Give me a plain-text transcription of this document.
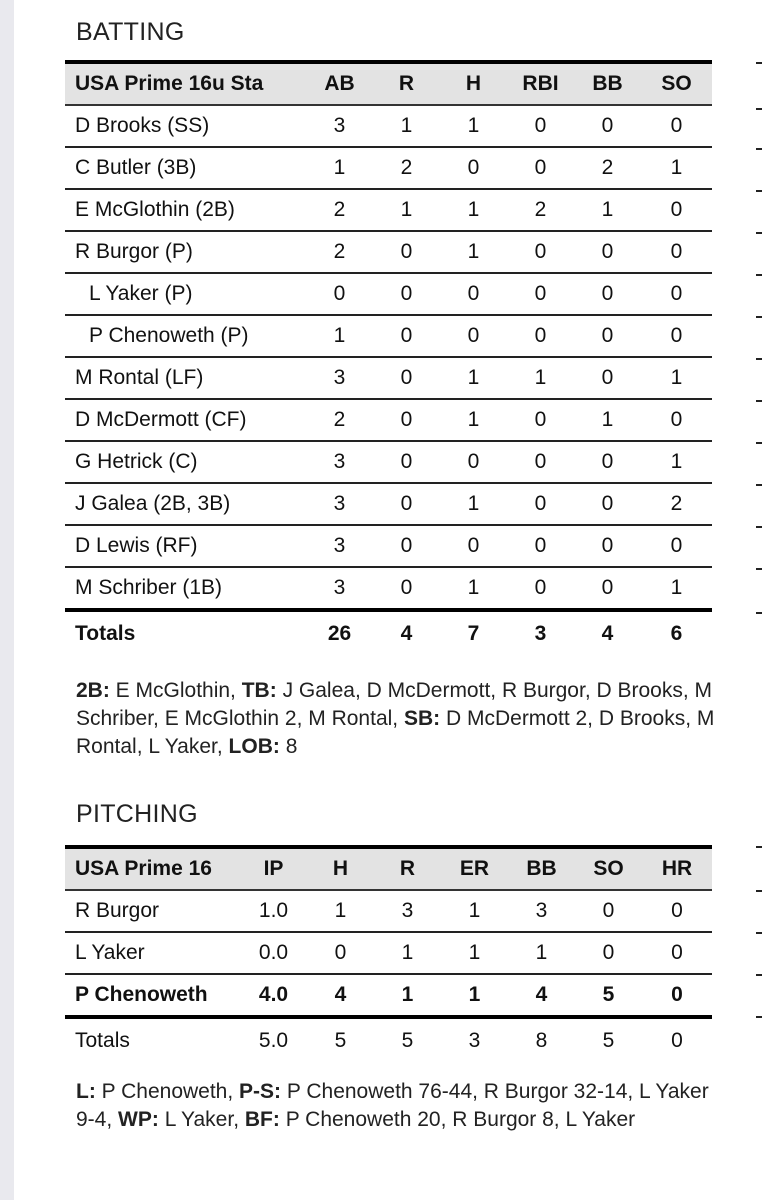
BATTING
USA Prime 16u Sta	AB	R	H	RBI	BB	SO
D Brooks (SS)	3	1	1	0	0	0
C Butler (3B)	1	2	0	0	2	1
E McGlothin (2B)	2	1	1	2	1	0
R Burgor (P)	2	0	1	0	0	0
L Yaker (P)	0	0	0	0	0	0
P Chenoweth (P)	1	0	0	0	0	0
M Rontal (LF)	3	0	1	1	0	1
D McDermott (CF)	2	0	1	0	1	0
G Hetrick (C)	3	0	0	0	0	1
J Galea (2B, 3B)	3	0	1	0	0	2
D Lewis (RF)	3	0	0	0	0	0
M Schriber (1B)	3	0	1	0	0	1
Totals	26	4	7	3	4	6
2B: E McGlothin, TB: J Galea, D McDermott, R Burgor, D Brooks, M Schriber, E McGlothin 2, M Rontal, SB: D McDermott 2, D Brooks, M Rontal, L Yaker, LOB: 8
PITCHING
USA Prime 16	IP	H	R	ER	BB	SO	HR
R Burgor	1.0	1	3	1	3	0	0
L Yaker	0.0	0	1	1	1	0	0
P Chenoweth	4.0	4	1	1	4	5	0
Totals	5.0	5	5	3	8	5	0
L: P Chenoweth, P-S: P Chenoweth 76-44, R Burgor 32-14, L Yaker 9-4, WP: L Yaker, BF: P Chenoweth 20, R Burgor 8, L Yaker
